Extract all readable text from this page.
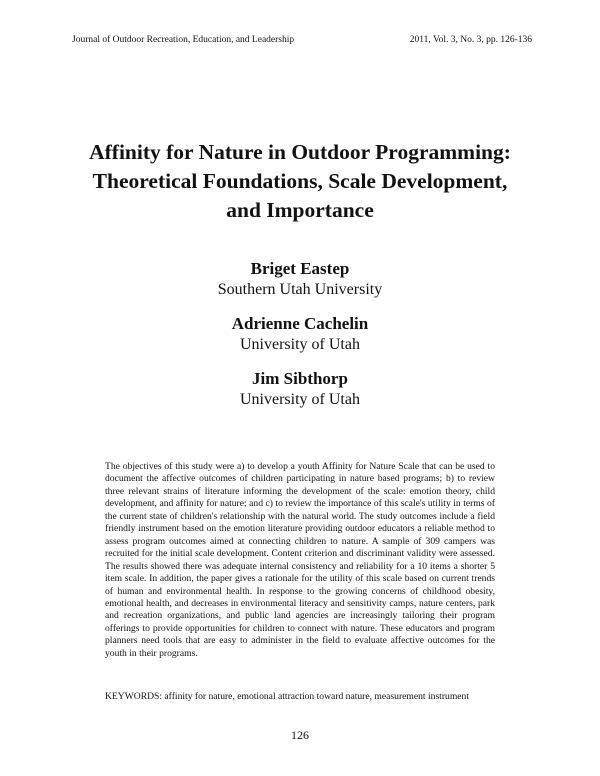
Journal of Outdoor Recreation, Education, and Leadership	2011, Vol. 3, No. 3, pp. 126-136
Affinity for Nature in Outdoor Programming:
Theoretical Foundations, Scale Development,
and Importance
Briget Eastep
Southern Utah University
Adrienne Cachelin
University of Utah
Jim Sibthorp
University of Utah

The objectives of this study were a) to develop a youth Affinity for Nature Scale that can be used to document the affective outcomes of children participating in nature based programs; b) to review three relevant strains of literature informing the development of the scale: emotion theory, child development, and affinity for nature; and c) to review the importance of this scale's utility in terms of the current state of children's relationship with the natural world. The study outcomes include a field friendly instrument based on the emotion literature providing outdoor educators a reliable method to assess program outcomes aimed at connecting children to nature. A sample of 309 campers was recruited for the initial scale development. Content criterion and discriminant validity were assessed. The results showed there was adequate internal consistency and reliability for a 10 items a shorter 5 item scale. In addition, the paper gives a rationale for the utility of this scale based on current trends of human and environmental health. In response to the growing concerns of childhood obesity, emotional health, and decreases in environmental literacy and sensitivity camps, nature centers, park and recreation organizations, and public land agencies are increasingly tailoring their program offerings to provide opportunities for children to connect with nature. These educators and program planners need tools that are easy to administer in the field to evaluate affective outcomes for the youth in their programs.

KEYWORDS: affinity for nature, emotional attraction toward nature, measurement instrument

126
